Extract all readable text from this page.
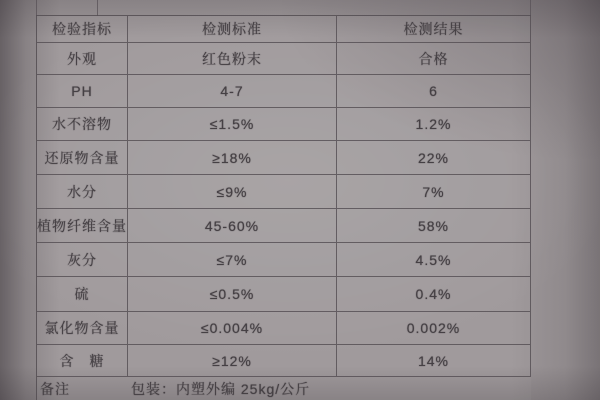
检验指标	检测标准	检测结果
外观	红色粉末	合格
PH	4-7	6
水不溶物	≤1.5%	1.2%
还原物含量	≥18%	22%
水分	≤9%	7%
植物纤维含量	45-60%	58%
灰分	≤7%	4.5%
硫	≤0.5%	0.4%
氯化物含量	≤0.004%	0.002%
含　糖	≥12%	14%
备注	包装：内塑外编 25kg/公斤
